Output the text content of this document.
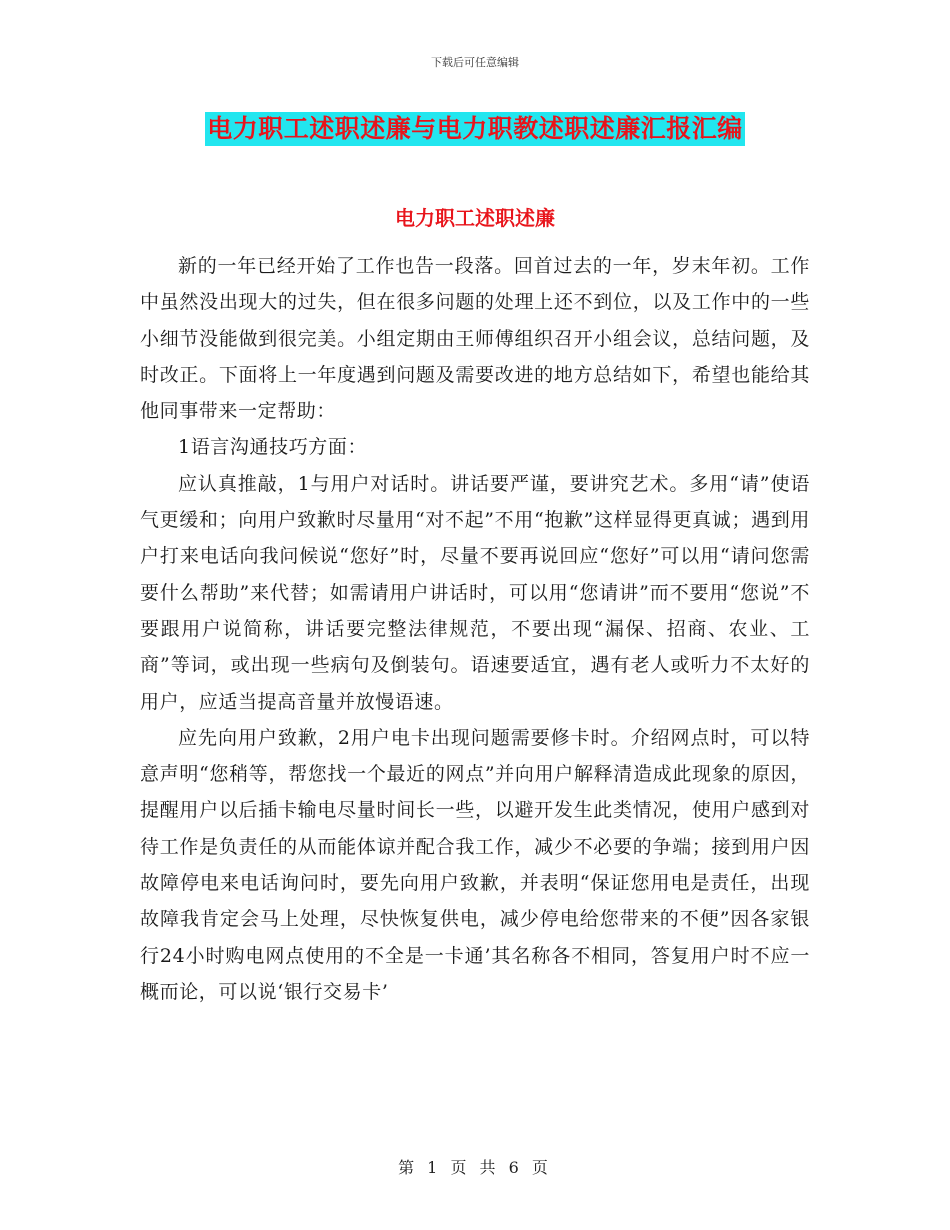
下载后可任意编辑
电力职工述职述廉与电力职教述职述廉汇报汇编
电力职工述职述廉

新的一年已经开始了工作也告一段落。回首过去的一年，岁末年初。工作中虽然没出现大的过失，但在很多问题的处理上还不到位，以及工作中的一些小细节没能做到很完美。小组定期由王师傅组织召开小组会议，总结问题，及时改正。下面将上一年度遇到问题及需要改进的地方总结如下，希望也能给其他同事带来一定帮助：

1语言沟通技巧方面：

应认真推敲，1与用户对话时。讲话要严谨，要讲究艺术。多用“请”使语气更缓和；向用户致歉时尽量用“对不起”不用“抱歉”这样显得更真诚；遇到用户打来电话向我问候说“您好”时，尽量不要再说回应“您好”可以用“请问您需要什么帮助”来代替；如需请用户讲话时，可以用“您请讲”而不要用“您说”不要跟用户说简称，讲话要完整法律规范，不要出现“漏保、招商、农业、工商”等词，或出现一些病句及倒装句。语速要适宜，遇有老人或听力不太好的用户，应适当提高音量并放慢语速。

应先向用户致歉，2用户电卡出现问题需要修卡时。介绍网点时，可以特意声明“您稍等，帮您找一个最近的网点”并向用户解释清造成此现象的原因，提醒用户以后插卡输电尽量时间长一些，以避开发生此类情况，使用户感到对待工作是负责任的从而能体谅并配合我工作，减少不必要的争端；接到用户因故障停电来电话询问时，要先向用户致歉，并表明“保证您用电是责任，出现故障我肯定会马上处理，尽快恢复供电，减少停电给您带来的不便”因各家银行24小时购电网点使用的不全是一卡通’其名称各不相同，答复用户时不应一概而论，可以说‘银行交易卡’

第 1 页 共 6 页
